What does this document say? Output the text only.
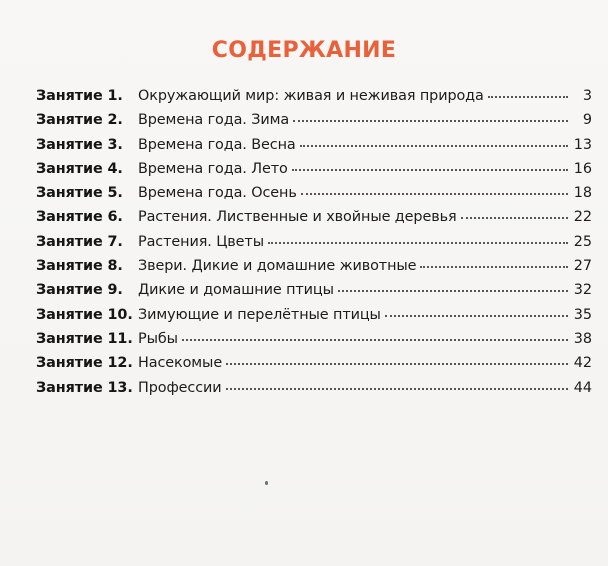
СОДЕРЖАНИЕ
Занятие 1.	Окружающий мир: живая и неживая природа	3
Занятие 2.	Времена года. Зима	9
Занятие 3.	Времена года. Весна	13
Занятие 4.	Времена года. Лето	16
Занятие 5.	Времена года. Осень	18
Занятие 6.	Растения. Лиственные и хвойные деревья	22
Занятие 7.	Растения. Цветы	25
Занятие 8.	Звери. Дикие и домашние животные	27
Занятие 9.	Дикие и домашние птицы	32
Занятие 10. Зимующие и перелётные птицы	35
Занятие 11. Рыбы	38
Занятие 12. Насекомые	42
Занятие 13. Профессии	44
